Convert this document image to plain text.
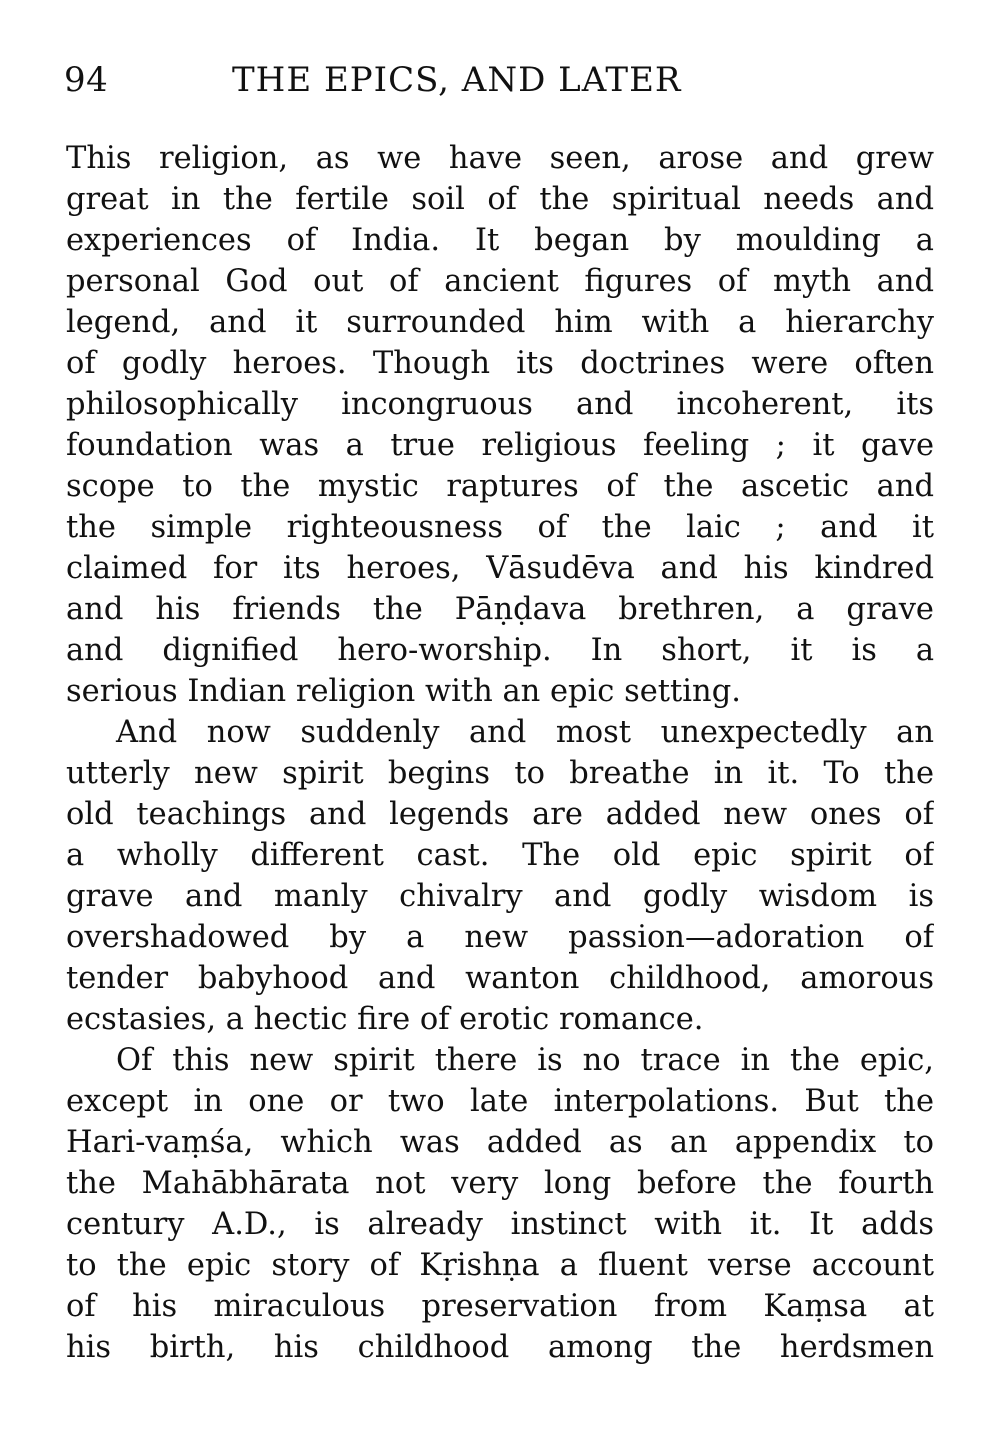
94	THE EPICS, AND LATER
This religion, as we have seen, arose and grew
great in the fertile soil of the spiritual needs and
experiences of India. It began by moulding a
personal God out of ancient figures of myth and
legend, and it surrounded him with a hierarchy
of godly heroes. Though its doctrines were often
philosophically incongruous and incoherent, its
foundation was a true religious feeling ; it gave
scope to the mystic raptures of the ascetic and
the simple righteousness of the laic ; and it
claimed for its heroes, Vāsudēva and his kindred
and his friends the Pāṇḍava brethren, a grave
and dignified hero-worship. In short, it is a
serious Indian religion with an epic setting.
And now suddenly and most unexpectedly an
utterly new spirit begins to breathe in it. To the
old teachings and legends are added new ones of
a wholly different cast. The old epic spirit of
grave and manly chivalry and godly wisdom is
overshadowed by a new passion—adoration of
tender babyhood and wanton childhood, amorous
ecstasies, a hectic fire of erotic romance.
Of this new spirit there is no trace in the epic,
except in one or two late interpolations. But the
Hari-vaṃśa, which was added as an appendix to
the Mahābhārata not very long before the fourth
century A.D., is already instinct with it. It adds
to the epic story of Kṛishṇa a fluent verse account
of his miraculous preservation from Kaṃsa at
his birth, his childhood among the herdsmen
